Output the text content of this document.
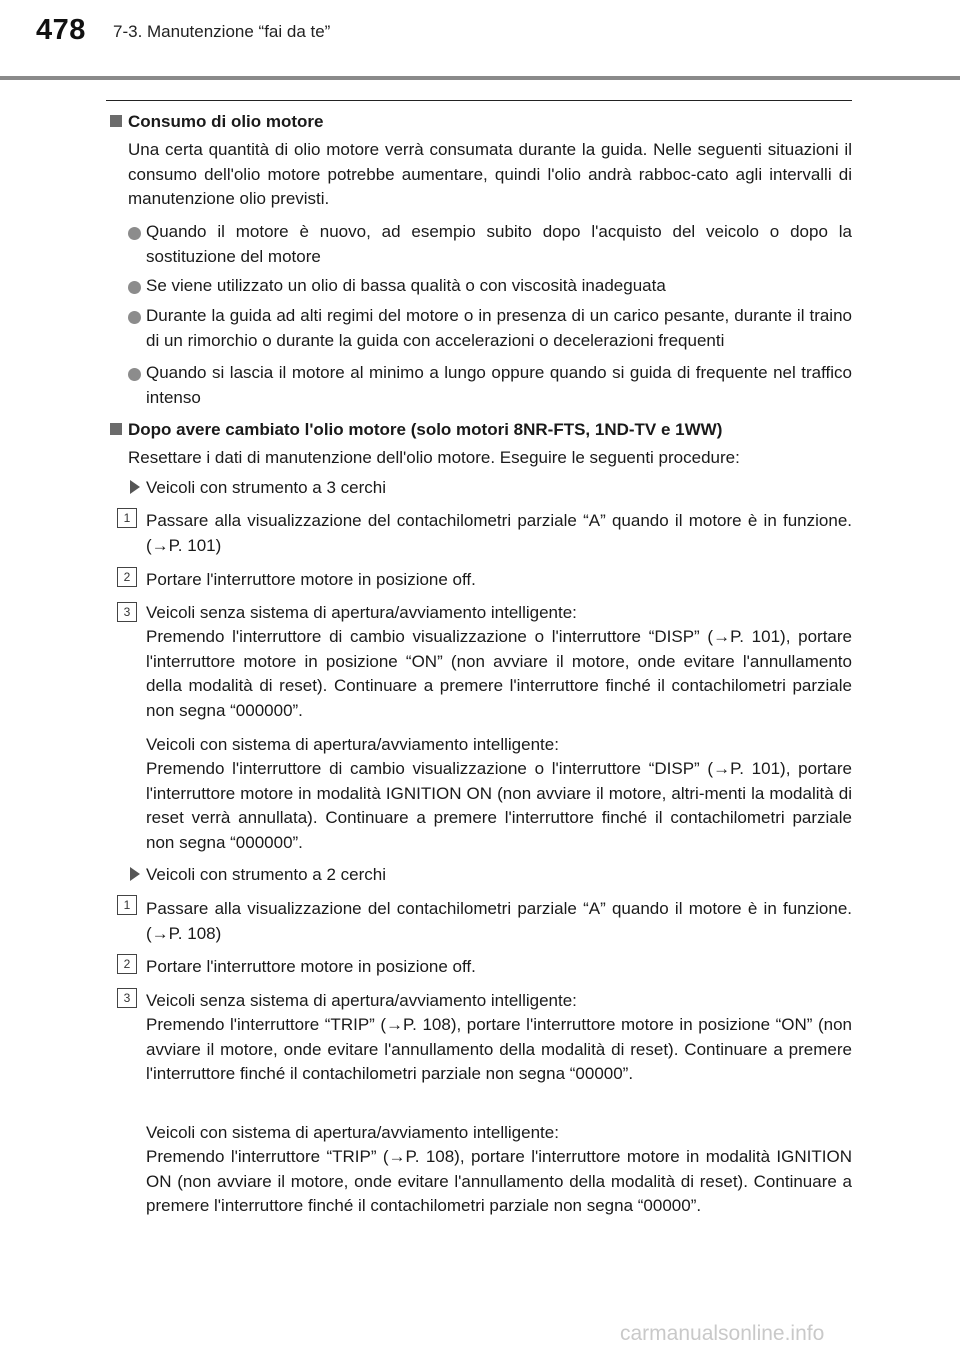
478 7-3. Manutenzione “fai da te”

Consumo di olio motore

Una certa quantità di olio motore verrà consumata durante la guida. Nelle seguenti situazioni il consumo dell'olio motore potrebbe aumentare, quindi l'olio andrà rabboc-cato agli intervalli di manutenzione olio previsti.

Quando il motore è nuovo, ad esempio subito dopo l'acquisto del veicolo o dopo la sostituzione del motore

Se viene utilizzato un olio di bassa qualità o con viscosità inadeguata

Durante la guida ad alti regimi del motore o in presenza di un carico pesante, durante il traino di un rimorchio o durante la guida con accelerazioni o decelerazioni frequenti

Quando si lascia il motore al minimo a lungo oppure quando si guida di frequente nel traffico intenso

Dopo avere cambiato l'olio motore (solo motori 8NR-FTS, 1ND-TV e 1WW)

Resettare i dati di manutenzione dell'olio motore. Eseguire le seguenti procedure:

Veicoli con strumento a 3 cerchi

1 Passare alla visualizzazione del contachilometri parziale “A” quando il motore è in funzione. (→P. 101)

2 Portare l'interruttore motore in posizione off.

3 Veicoli senza sistema di apertura/avviamento intelligente:

Premendo l'interruttore di cambio visualizzazione o l'interruttore “DISP” (→P. 101), portare l'interruttore motore in posizione “ON” (non avviare il motore, onde evitare l'annullamento della modalità di reset). Continuare a premere l'interruttore finché il contachilometri parziale non segna “000000”.

Veicoli con sistema di apertura/avviamento intelligente:

Premendo l'interruttore di cambio visualizzazione o l'interruttore “DISP” (→P. 101), portare l'interruttore motore in modalità IGNITION ON (non avviare il motore, altri-menti la modalità di reset verrà annullata). Continuare a premere l'interruttore finché il contachilometri parziale non segna “000000”.

Veicoli con strumento a 2 cerchi

1 Passare alla visualizzazione del contachilometri parziale “A” quando il motore è in funzione. (→P. 108)

2 Portare l'interruttore motore in posizione off.

3 Veicoli senza sistema di apertura/avviamento intelligente:

Premendo l'interruttore “TRIP” (→P. 108), portare l'interruttore motore in posizione “ON” (non avviare il motore, onde evitare l'annullamento della modalità di reset). Continuare a premere l'interruttore finché il contachilometri parziale non segna “00000”.

Veicoli con sistema di apertura/avviamento intelligente:

Premendo l'interruttore “TRIP” (→P. 108), portare l'interruttore motore in modalità IGNITION ON (non avviare il motore, onde evitare l'annullamento della modalità di reset). Continuare a premere l'interruttore finché il contachilometri parziale non segna “00000”.

carmanualsonline.info
